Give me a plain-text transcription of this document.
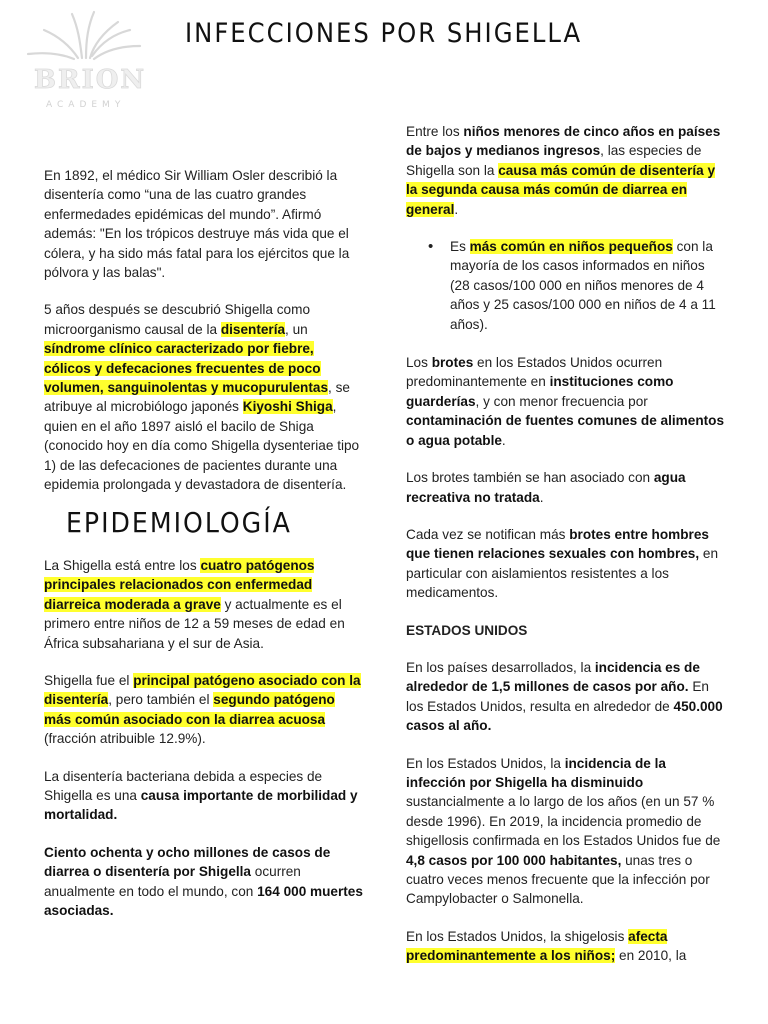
BRION
ACADEMY
INFECCIONES POR SHIGELLA

En 1892, el médico Sir William Osler describió la disentería como “una de las cuatro grandes enfermedades epidémicas del mundo”. Afirmó además: "En los trópicos destruye más vida que el cólera, y ha sido más fatal para los ejércitos que la pólvora y las balas".

5 años después se descubrió Shigella como microorganismo causal de la disentería, un síndrome clínico caracterizado por fiebre, cólicos y defecaciones frecuentes de poco volumen, sanguinolentas y mucopurulentas, se atribuye al microbiólogo japonés Kiyoshi Shiga, quien en el año 1897 aisló el bacilo de Shiga (conocido hoy en día como Shigella dysenteriae tipo 1) de las defecaciones de pacientes durante una epidemia prolongada y devastadora de disentería.

EPIDEMIOLOGÍA

La Shigella está entre los cuatro patógenos principales relacionados con enfermedad diarreica moderada a grave y actualmente es el primero entre niños de 12 a 59 meses de edad en África subsahariana y el sur de Asia.

Shigella fue el principal patógeno asociado con la disentería, pero también el segundo patógeno más común asociado con la diarrea acuosa (fracción atribuible 12.9%).

La disentería bacteriana debida a especies de Shigella es una causa importante de morbilidad y mortalidad.

Ciento ochenta y ocho millones de casos de diarrea o disentería por Shigella ocurren anualmente en todo el mundo, con 164 000 muertes asociadas.

Entre los niños menores de cinco años en países de bajos y medianos ingresos, las especies de Shigella son la causa más común de disentería y la segunda causa más común de diarrea en general.

• Es más común en niños pequeños con la mayoría de los casos informados en niños (28 casos/100 000 en niños menores de 4 años y 25 casos/100 000 en niños de 4 a 11 años).

Los brotes en los Estados Unidos ocurren predominantemente en instituciones como guarderías, y con menor frecuencia por contaminación de fuentes comunes de alimentos o agua potable.

Los brotes también se han asociado con agua recreativa no tratada.

Cada vez se notifican más brotes entre hombres que tienen relaciones sexuales con hombres, en particular con aislamientos resistentes a los medicamentos.

ESTADOS UNIDOS

En los países desarrollados, la incidencia es de alrededor de 1,5 millones de casos por año. En los Estados Unidos, resulta en alrededor de 450.000 casos al año.

En los Estados Unidos, la incidencia de la infección por Shigella ha disminuido sustancialmente a lo largo de los años (en un 57 % desde 1996). En 2019, la incidencia promedio de shigellosis confirmada en los Estados Unidos fue de 4,8 casos por 100 000 habitantes, unas tres o cuatro veces menos frecuente que la infección por Campylobacter o Salmonella.

En los Estados Unidos, la shigelosis afecta predominantemente a los niños; en 2010, la
